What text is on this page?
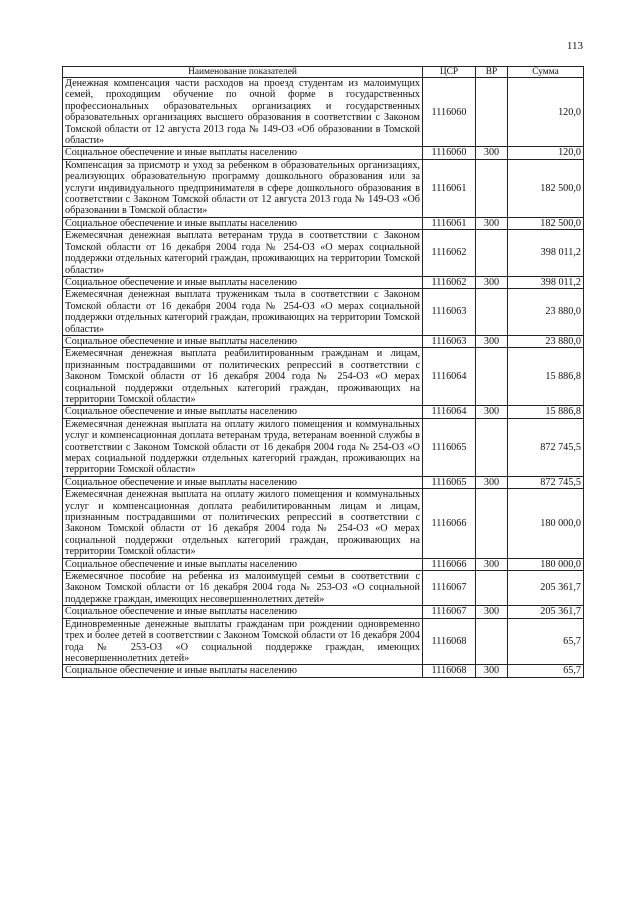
113
Наименование показателей	ЦСР	ВР	Сумма
Денежная компенсация части расходов на проезд студентам из малоимущих семей, проходящим обучение по очной форме в государственных профессиональных образовательных организациях и государственных образовательных организациях высшего образования в соответствии с Законом Томской области от 12 августа 2013 года № 149-ОЗ «Об образовании в Томской области»	1116060		120,0
Социальное обеспечение и иные выплаты населению	1116060	300	120,0
Компенсация за присмотр и уход за ребенком в образовательных организациях, реализующих образовательную программу дошкольного образования или за услуги индивидуального предпринимателя в сфере дошкольного образования в соответствии с Законом Томской области от 12 августа 2013 года № 149-ОЗ «Об образовании в Томской области»	1116061		182 500,0
Социальное обеспечение и иные выплаты населению	1116061	300	182 500,0
Ежемесячная денежная выплата ветеранам труда в соответствии с Законом Томской области от 16 декабря 2004 года № 254-ОЗ «О мерах социальной поддержки отдельных категорий граждан, проживающих на территории Томской области»	1116062		398 011,2
Социальное обеспечение и иные выплаты населению	1116062	300	398 011,2
Ежемесячная денежная выплата труженикам тыла в соответствии с Законом Томской области от 16 декабря 2004 года № 254-ОЗ «О мерах социальной поддержки отдельных категорий граждан, проживающих на территории Томской области»	1116063		23 880,0
Социальное обеспечение и иные выплаты населению	1116063	300	23 880,0
Ежемесячная денежная выплата реабилитированным гражданам и лицам, признанным пострадавшими от политических репрессий в соответствии с Законом Томской области от 16 декабря 2004 года № 254-ОЗ «О мерах социальной поддержки отдельных категорий граждан, проживающих на территории Томской области»	1116064		15 886,8
Социальное обеспечение и иные выплаты населению	1116064	300	15 886,8
Ежемесячная денежная выплата на оплату жилого помещения и коммунальных услуг и компенсационная доплата ветеранам труда, ветеранам военной службы в соответствии с Законом Томской области от 16 декабря 2004 года № 254-ОЗ «О мерах социальной поддержки отдельных категорий граждан, проживающих на территории Томской области»	1116065		872 745,5
Социальное обеспечение и иные выплаты населению	1116065	300	872 745,5
Ежемесячная денежная выплата на оплату жилого помещения и коммунальных услуг и компенсационная доплата реабилитированным лицам и лицам, признанным пострадавшими от политических репрессий в соответствии с Законом Томской области от 16 декабря 2004 года № 254-ОЗ «О мерах социальной поддержки отдельных категорий граждан, проживающих на территории Томской области»	1116066		180 000,0
Социальное обеспечение и иные выплаты населению	1116066	300	180 000,0
Ежемесячное пособие на ребенка из малоимущей семьи в соответствии с Законом Томской области от 16 декабря 2004 года № 253-ОЗ «О социальной поддержке граждан, имеющих несовершеннолетних детей»	1116067		205 361,7
Социальное обеспечение и иные выплаты населению	1116067	300	205 361,7
Единовременные денежные выплаты гражданам при рождении одновременно трех и более детей в соответствии с Законом Томской области от 16 декабря 2004 года № 253-ОЗ «О социальной поддержке граждан, имеющих несовершеннолетних детей»	1116068		65,7
Социальное обеспечение и иные выплаты населению	1116068	300	65,7
